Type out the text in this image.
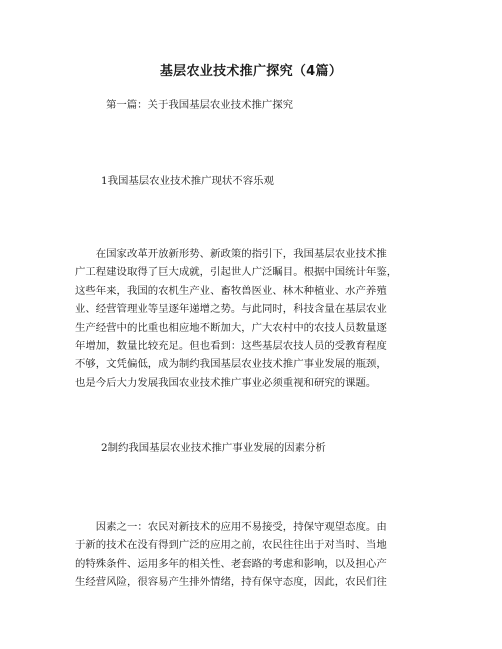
基层农业技术推广探究（4篇）
第一篇：关于我国基层农业技术推广探究
1我国基层农业技术推广现状不容乐观
　　在国家改革开放新形势、新政策的指引下，我国基层农业技术推
广工程建设取得了巨大成就，引起世人广泛瞩目。根据中国统计年鉴，
这些年来，我国的农机生产业、畜牧兽医业、林木种植业、水产养殖
业、经营管理业等呈逐年递增之势。与此同时，科技含量在基层农业
生产经营中的比重也相应地不断加大，广大农村中的农技人员数量逐
年增加，数量比较充足。但也看到：这些基层农技人员的受教育程度
不够，文凭偏低，成为制约我国基层农业技术推广事业发展的瓶颈，
也是今后大力发展我国农业技术推广事业必须重视和研究的课题。
2制约我国基层农业技术推广事业发展的因素分析
　　因素之一：农民对新技术的应用不易接受，持保守观望态度。由
于新的技术在没有得到广泛的应用之前，农民往往出于对当时、当地
的特殊条件、运用多年的相关性、老套路的考虑和影响，以及担心产
生经营风险，很容易产生排外情绪，持有保守态度，因此，农民们往
